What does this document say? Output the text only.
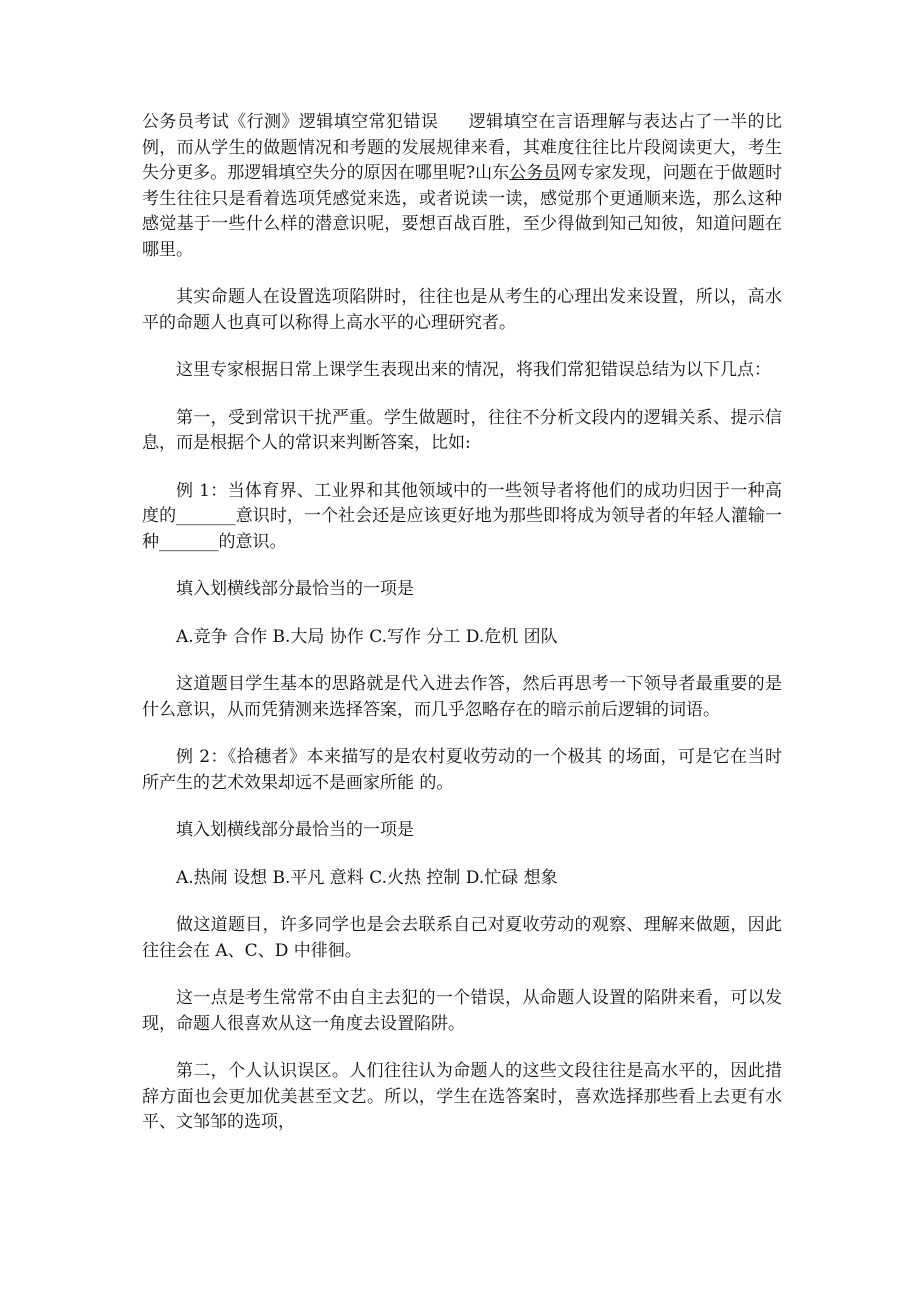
公务员考试《行测》逻辑填空常犯错误 逻辑填空在言语理解与表达占了一半的比例，而从学生的做题情况和考题的发展规律来看，其难度往往比片段阅读更大，考生失分更多。那逻辑填空失分的原因在哪里呢?山东公务员网专家发现，问题在于做题时考生往往只是看着选项凭感觉来选，或者说读一读，感觉那个更通顺来选，那么这种感觉基于一些什么样的潜意识呢，要想百战百胜，至少得做到知己知彼，知道问题在哪里。

其实命题人在设置选项陷阱时，往往也是从考生的心理出发来设置，所以，高水平的命题人也真可以称得上高水平的心理研究者。

这里专家根据日常上课学生表现出来的情况，将我们常犯错误总结为以下几点：

第一，受到常识干扰严重。学生做题时，往往不分析文段内的逻辑关系、提示信息，而是根据个人的常识来判断答案，比如:

例 1：当体育界、工业界和其他领域中的一些领导者将他们的成功归因于一种高度的_______意识时，一个社会还是应该更好地为那些即将成为领导者的年轻人灌输一种_______的意识。

填入划横线部分最恰当的一项是

A.竞争 合作 B.大局 协作 C.写作 分工 D.危机 团队

这道题目学生基本的思路就是代入进去作答，然后再思考一下领导者最重要的是什么意识，从而凭猜测来选择答案，而几乎忽略存在的暗示前后逻辑的词语。

例 2：《拾穗者》本来描写的是农村夏收劳动的一个极其 的场面，可是它在当时所产生的艺术效果却远不是画家所能 的。

填入划横线部分最恰当的一项是

A.热闹 设想 B.平凡 意料 C.火热 控制 D.忙碌 想象

做这道题目，许多同学也是会去联系自己对夏收劳动的观察、理解来做题，因此往往会在 A、C、D 中徘徊。

这一点是考生常常不由自主去犯的一个错误，从命题人设置的陷阱来看，可以发现，命题人很喜欢从这一角度去设置陷阱。

第二，个人认识误区。人们往往认为命题人的这些文段往往是高水平的，因此措辞方面也会更加优美甚至文艺。所以，学生在选答案时，喜欢选择那些看上去更有水平、文邹邹的选项，
